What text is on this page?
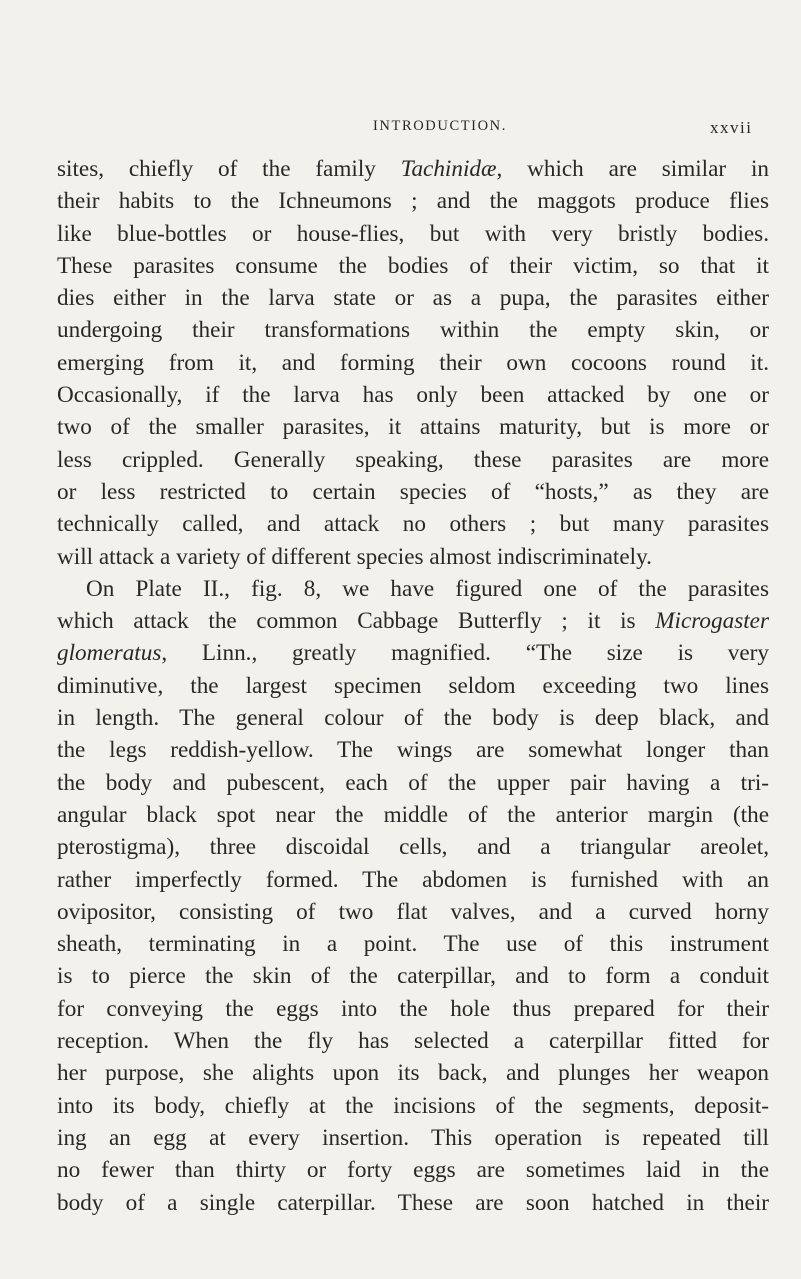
INTRODUCTION.	xxvii
sites, chiefly of the family Tachinidæ, which are similar in
their habits to the Ichneumons ; and the maggots produce flies
like blue-bottles or house-flies, but with very bristly bodies.
These parasites consume the bodies of their victim, so that it
dies either in the larva state or as a pupa, the parasites either
undergoing their transformations within the empty skin, or
emerging from it, and forming their own cocoons round it.
Occasionally, if the larva has only been attacked by one or
two of the smaller parasites, it attains maturity, but is more or
less crippled. Generally speaking, these parasites are more
or less restricted to certain species of “hosts,” as they are
technically called, and attack no others ; but many parasites
will attack a variety of different species almost indiscriminately.
On Plate II., fig. 8, we have figured one of the parasites
which attack the common Cabbage Butterfly ; it is Microgaster
glomeratus, Linn., greatly magnified. “The size is very
diminutive, the largest specimen seldom exceeding two lines
in length. The general colour of the body is deep black, and
the legs reddish-yellow. The wings are somewhat longer than
the body and pubescent, each of the upper pair having a tri-
angular black spot near the middle of the anterior margin (the
pterostigma), three discoidal cells, and a triangular areolet,
rather imperfectly formed. The abdomen is furnished with an
ovipositor, consisting of two flat valves, and a curved horny
sheath, terminating in a point. The use of this instrument
is to pierce the skin of the caterpillar, and to form a conduit
for conveying the eggs into the hole thus prepared for their
reception. When the fly has selected a caterpillar fitted for
her purpose, she alights upon its back, and plunges her weapon
into its body, chiefly at the incisions of the segments, deposit-
ing an egg at every insertion. This operation is repeated till
no fewer than thirty or forty eggs are sometimes laid in the
body of a single caterpillar. These are soon hatched in their
